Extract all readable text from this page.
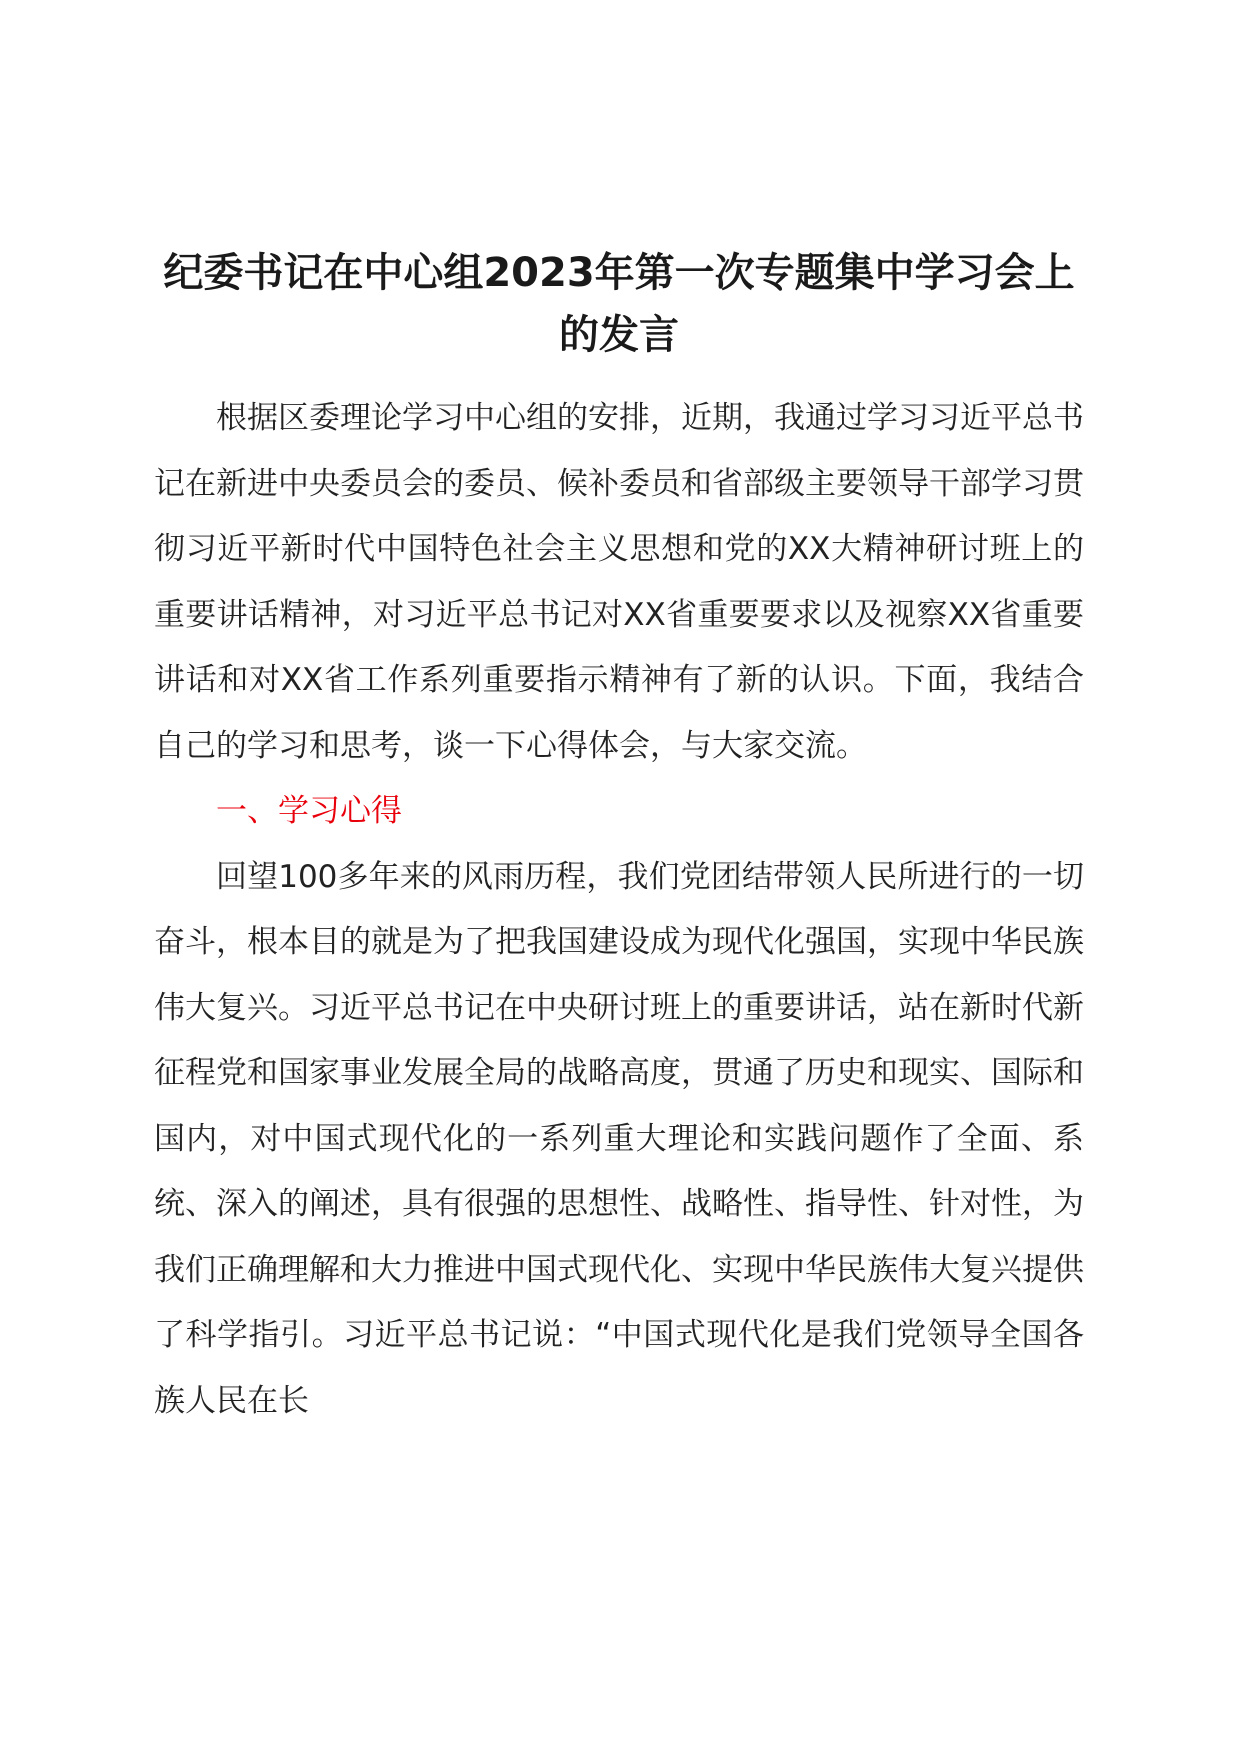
纪委书记在中心组2023年第一次专题集中学习会上的发言

根据区委理论学习中心组的安排，近期，我通过学习习近平总书记在新进中央委员会的委员、候补委员和省部级主要领导干部学习贯彻习近平新时代中国特色社会主义思想和党的XX大精神研讨班上的重要讲话精神，对习近平总书记对XX省重要要求以及视察XX省重要讲话和对XX省工作系列重要指示精神有了新的认识。下面，我结合自己的学习和思考，谈一下心得体会，与大家交流。

一、学习心得

回望100多年来的风雨历程，我们党团结带领人民所进行的一切奋斗，根本目的就是为了把我国建设成为现代化强国，实现中华民族伟大复兴。习近平总书记在中央研讨班上的重要讲话，站在新时代新征程党和国家事业发展全局的战略高度，贯通了历史和现实、国际和国内，对中国式现代化的一系列重大理论和实践问题作了全面、系统、深入的阐述，具有很强的思想性、战略性、指导性、针对性，为我们正确理解和大力推进中国式现代化、实现中华民族伟大复兴提供了科学指引。习近平总书记说：“中国式现代化是我们党领导全国各族人民在长
